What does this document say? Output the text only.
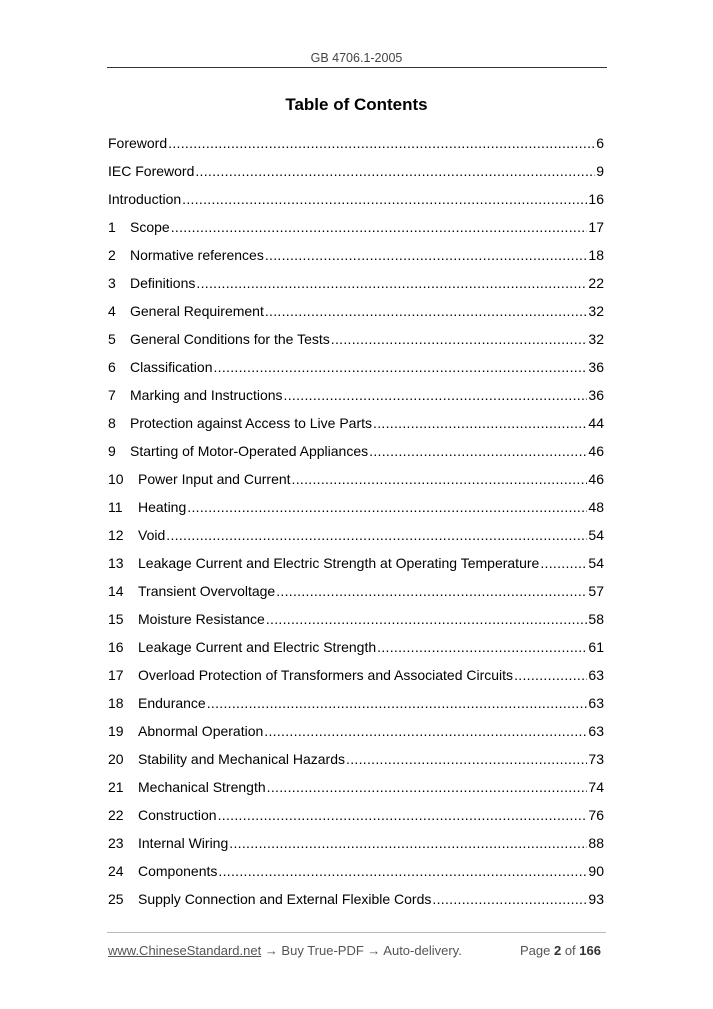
GB 4706.1-2005
Table of Contents
Foreword .....	6
IEC Foreword .....	9
Introduction .....	16
1	Scope .....	17
2	Normative references .....	18
3	Definitions .....	22
4	General Requirement .....	32
5	General Conditions for the Tests .....	32
6	Classification .....	36
7	Marking and Instructions .....	36
8	Protection against Access to Live Parts .....	44
9	Starting of Motor-Operated Appliances .....	46
10	Power Input and Current .....	46
11	Heating .....	48
12	Void .....	54
13	Leakage Current and Electric Strength at Operating Temperature .....	54
14	Transient Overvoltage .....	57
15	Moisture Resistance .....	58
16	Leakage Current and Electric Strength .....	61
17	Overload Protection of Transformers and Associated Circuits .....	63
18	Endurance .....	63
19	Abnormal Operation .....	63
20	Stability and Mechanical Hazards .....	73
21	Mechanical Strength .....	74
22	Construction .....	76
23	Internal Wiring .....	88
24	Components .....	90
25	Supply Connection and External Flexible Cords .....	93
www.ChineseStandard.net → Buy True-PDF → Auto-delivery.	Page 2 of 166
